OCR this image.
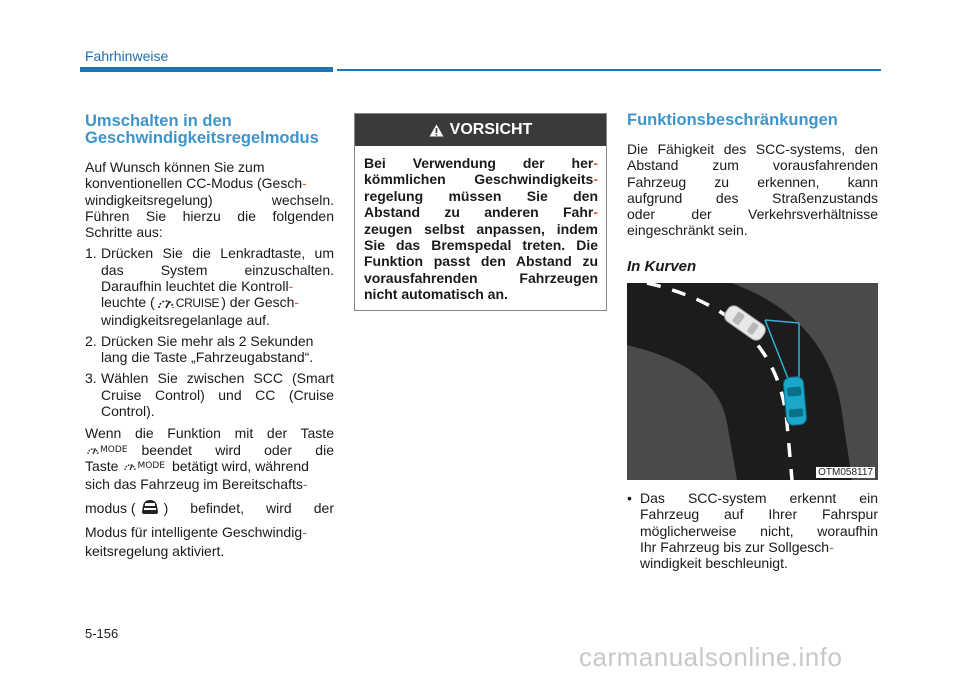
Fahrhinweise

Umschalten in den
Geschwindigkeitsregelmodus

Auf Wunsch können Sie zum

konventionellen CC-Modus (Gesch-

windigkeitsregelung) wechseln.

Führen Sie hierzu die folgenden

Schritte aus:

1. Drücken Sie die Lenkradtaste, um

das System einzuschalten.

Daraufhin leuchtet die Kontroll-

leuchte ( CRUISE ) der Gesch-

windigkeitsregelanlage auf.

2. Drücken Sie mehr als 2 Sekunden

lang die Taste „Fahrzeugabstand“.

3. Wählen Sie zwischen SCC (Smart

Cruise Control) und CC (Cruise

Control).

Wenn die Funktion mit der Taste

MODE beendet wird oder die

Taste MODE betätigt wird, während

sich das Fahrzeug im Bereitschafts-

modus ( ) befindet, wird der

Modus für intelligente Geschwindig-

keitsregelung aktiviert.

VORSICHT

Bei Verwendung der her-

kömmlichen Geschwindigkeits-

regelung müssen Sie den

Abstand zu anderen Fahr-

zeugen selbst anpassen, indem

Sie das Bremspedal treten. Die

Funktion passt den Abstand zu

vorausfahrenden Fahrzeugen

nicht automatisch an.

Funktionsbeschränkungen

Die Fähigkeit des SCC-systems, den

Abstand zum vorausfahrenden

Fahrzeug zu erkennen, kann

aufgrund des Straßenzustands

oder der Verkehrsverhältnisse

eingeschränkt sein.

In Kurven

OTM058117
• Das SCC-system erkennt ein

Fahrzeug auf Ihrer Fahrspur

möglicherweise nicht, woraufhin

Ihr Fahrzeug bis zur Sollgesch-

windigkeit beschleunigt.

5-156
carmanualsonline.info
